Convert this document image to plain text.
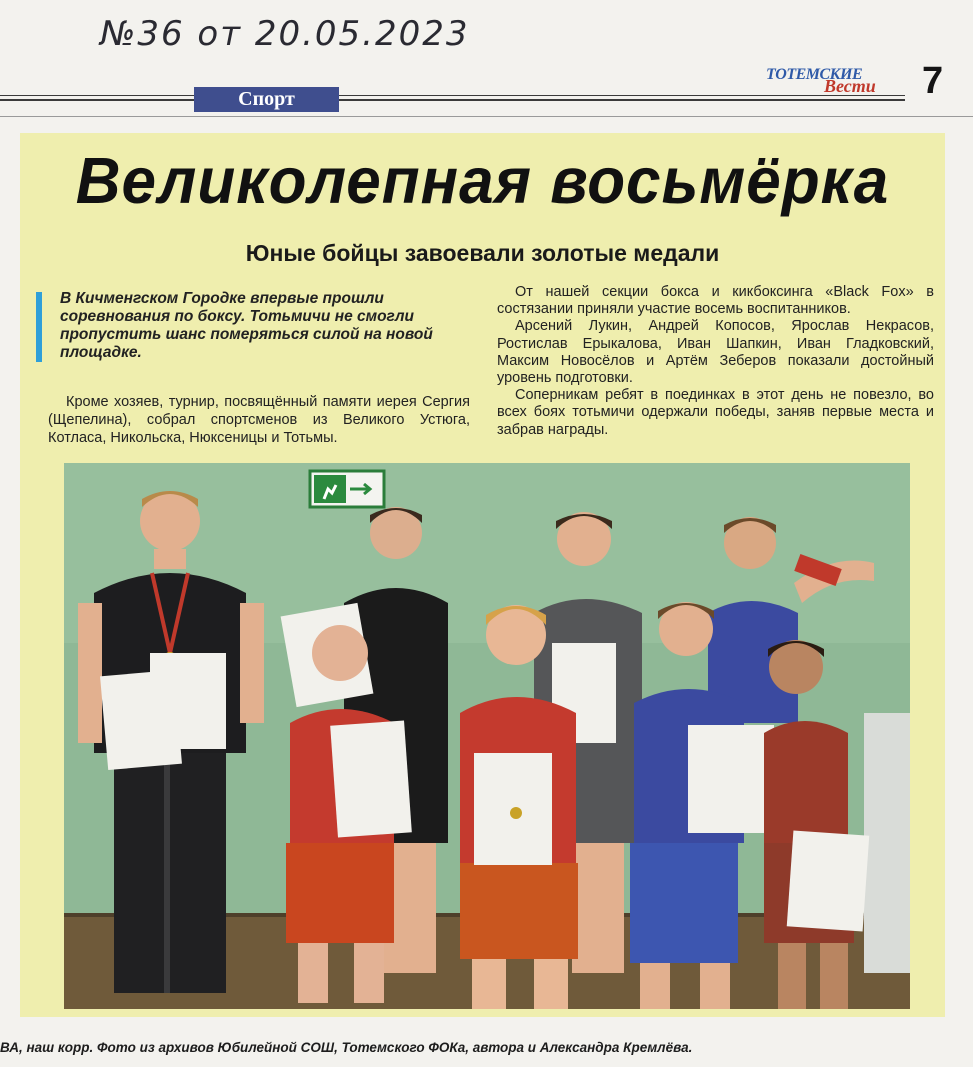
№36 от 20.05.2023
Спорт
ТОТЕМСКИЕ
Вести 7
Великолепная восьмёрка
Юные бойцы завоевали золотые медали
В Кичменгском Городке впервые прошли соревнования по боксу. Тотьмичи не смогли пропустить шанс померяться силой на новой площадке.

Кроме хозяев, турнир, посвящённый памяти иерея Сергия (Щепелина), собрал спортсменов из Великого Устюга, Котласа, Никольска, Нюксеницы и Тотьмы.

От нашей секции бокса и кикбоксинга «Black Fox» в состязании приняли участие восемь воспитанников.

Арсений Лукин, Андрей Копосов, Ярослав Некрасов, Ростислав Ерыкалова, Иван Шапкин, Иван Гладковский, Максим Новосёлов и Артём Зеберов показали достойный уровень подготовки.

Соперникам ребят в поединках в этот день не повезло, во всех боях тотьмичи одержали победы, заняв первые места и забрав награды.

ВА, наш корр. Фото из архивов Юбилейной СОШ, Тотемского ФОКа, автора и Александра Кремлёва.
